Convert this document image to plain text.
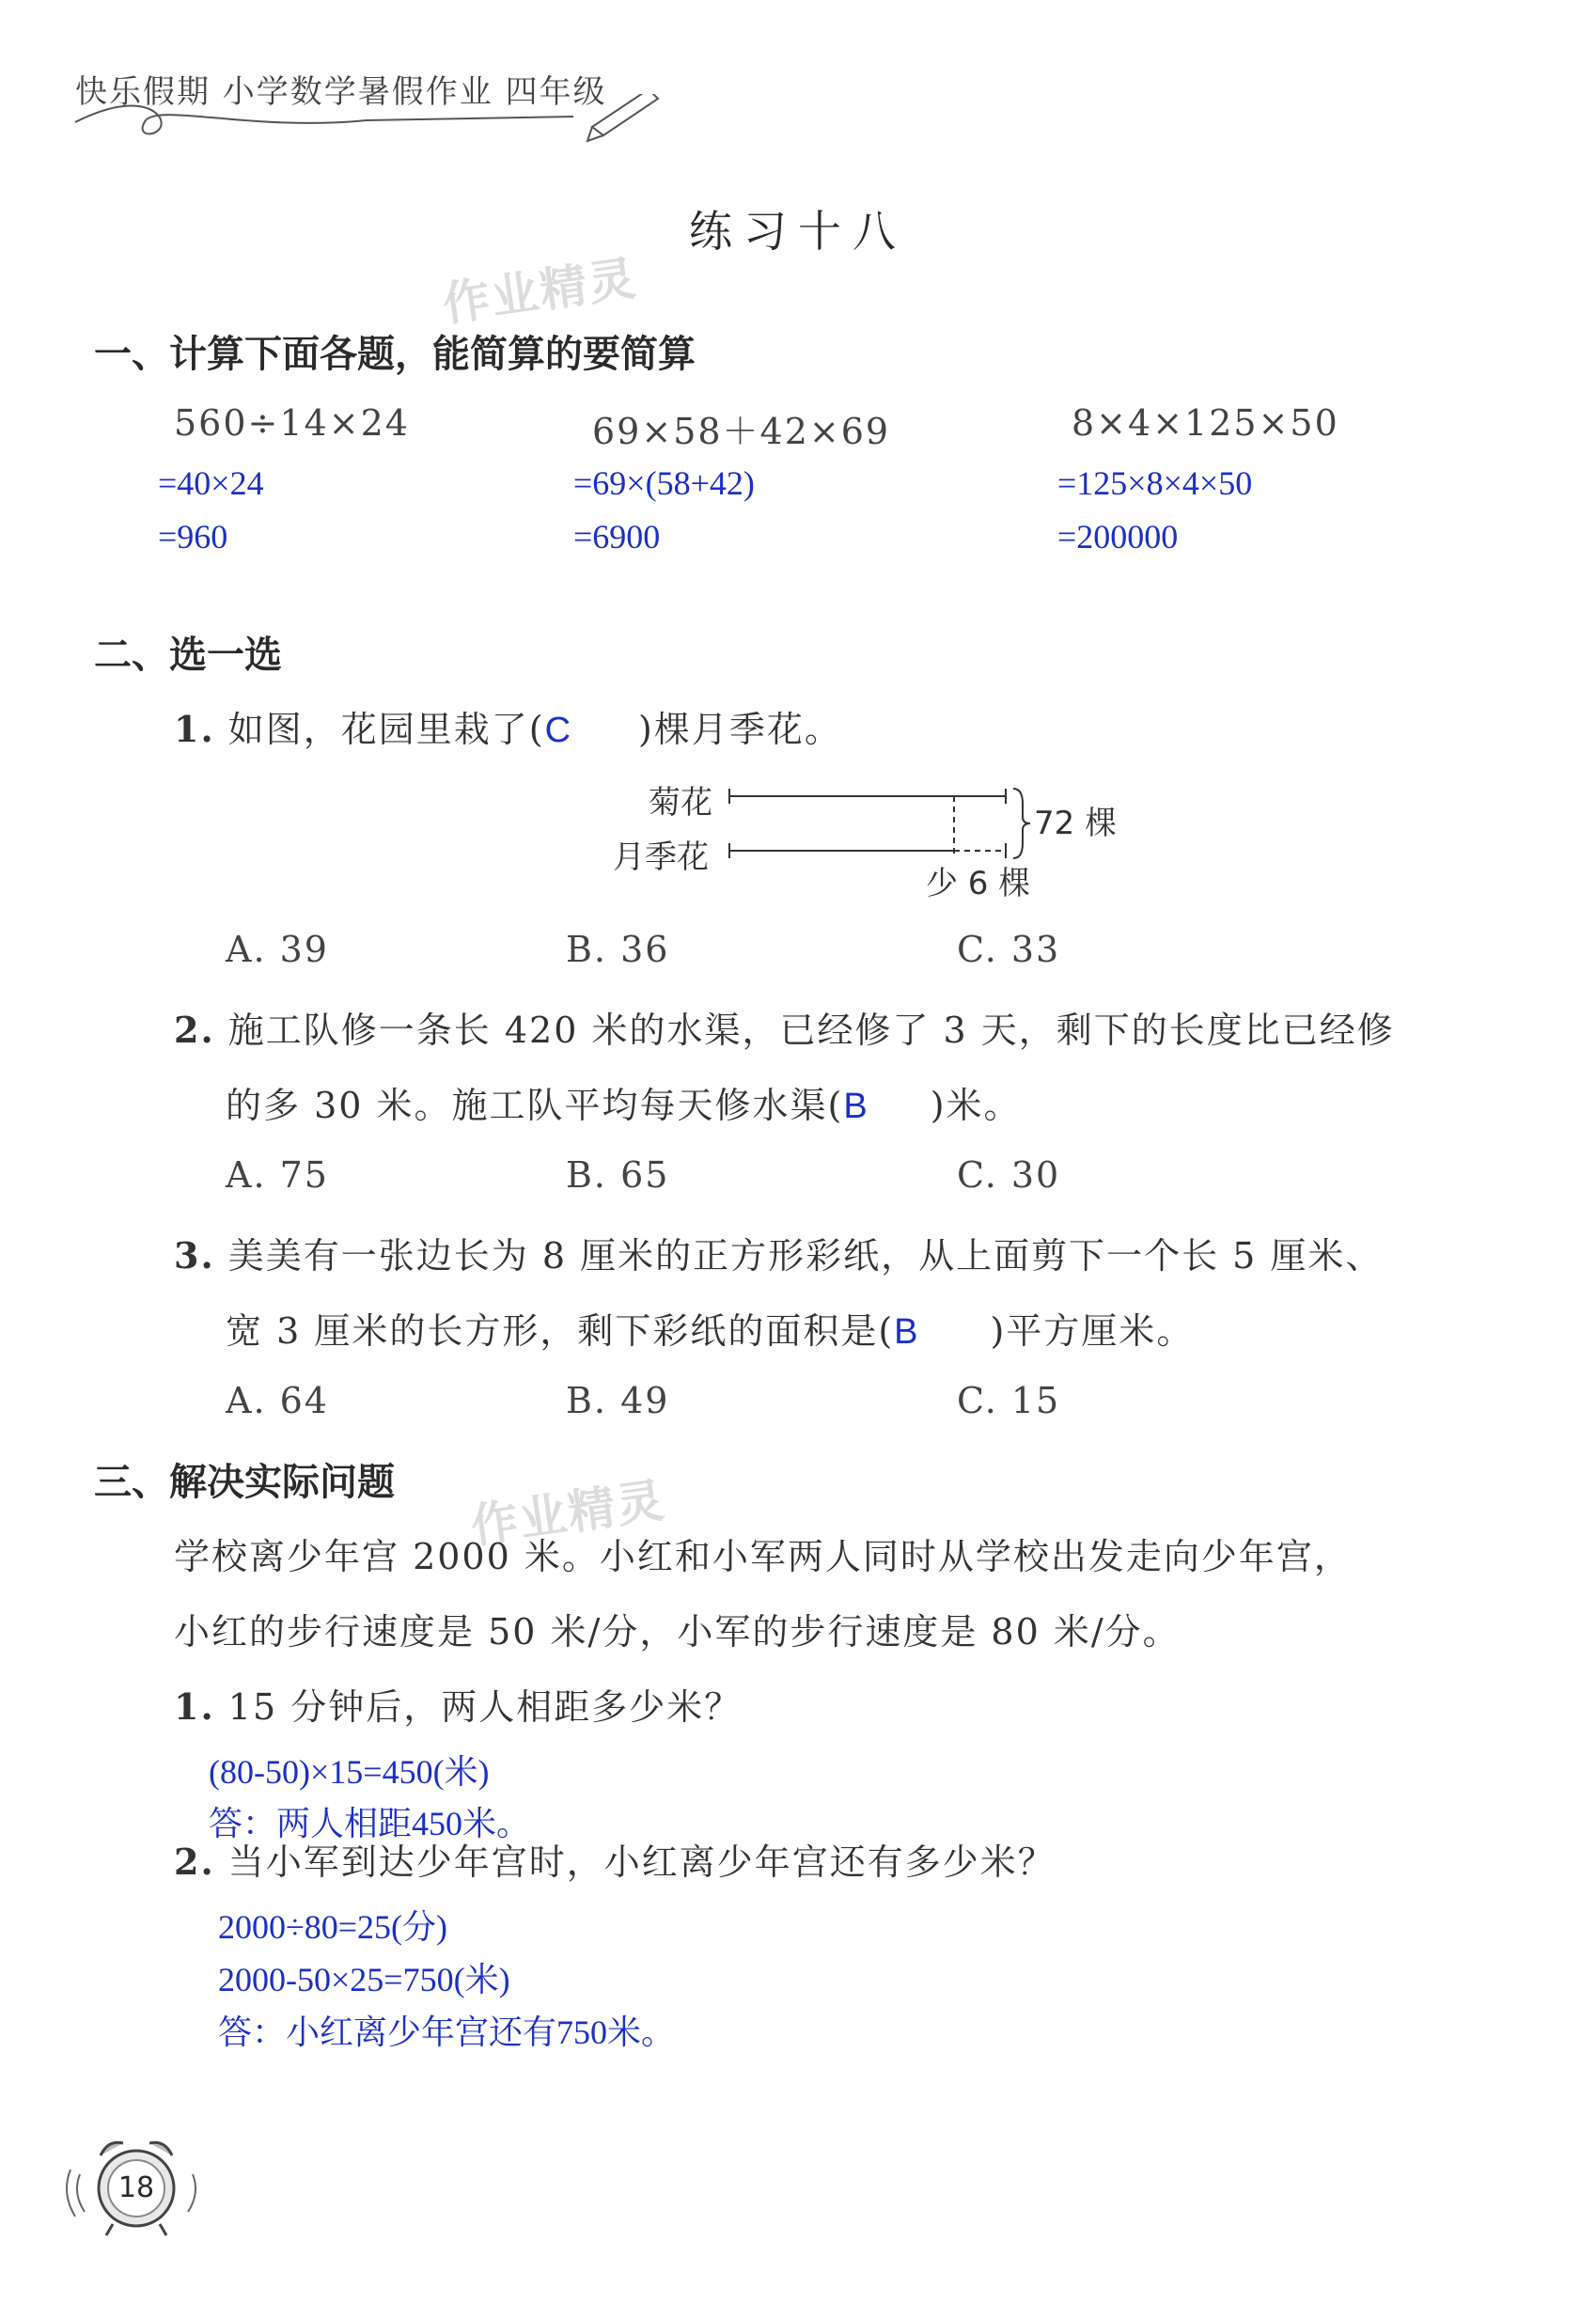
快乐假期 小学数学暑假作业 四年级
练习十八
作业精灵
一、计算下面各题，能简算的要简算
560÷14×24
=40×24
=960
69×58＋42×69
=69×(58+42)
=6900
8×4×125×50
=125×8×4×50
=200000
二、选一选
1. 如图，花园里栽了(C )棵月季花。
菊花
月季花
72 棵
少 6 棵
A. 39	B. 36	C. 33
2. 施工队修一条长 420 米的水渠，已经修了 3 天，剩下的长度比已经修
的多 30 米。施工队平均每天修水渠(B )米。
A. 75	B. 65	C. 30
3. 美美有一张边长为 8 厘米的正方形彩纸，从上面剪下一个长 5 厘米、
宽 3 厘米的长方形，剩下彩纸的面积是(B )平方厘米。
A. 64	B. 49	C. 15
三、解决实际问题 作业精灵
学校离少年宫 2000 米。小红和小军两人同时从学校出发走向少年宫，
小红的步行速度是 50 米/分，小军的步行速度是 80 米/分。
1. 15 分钟后，两人相距多少米？
(80-50)×15=450(米)
答：两人相距450米。
2. 当小军到达少年宫时，小红离少年宫还有多少米？
2000÷80=25(分)
2000-50×25=750(米)
答：小红离少年宫还有750米。
18
